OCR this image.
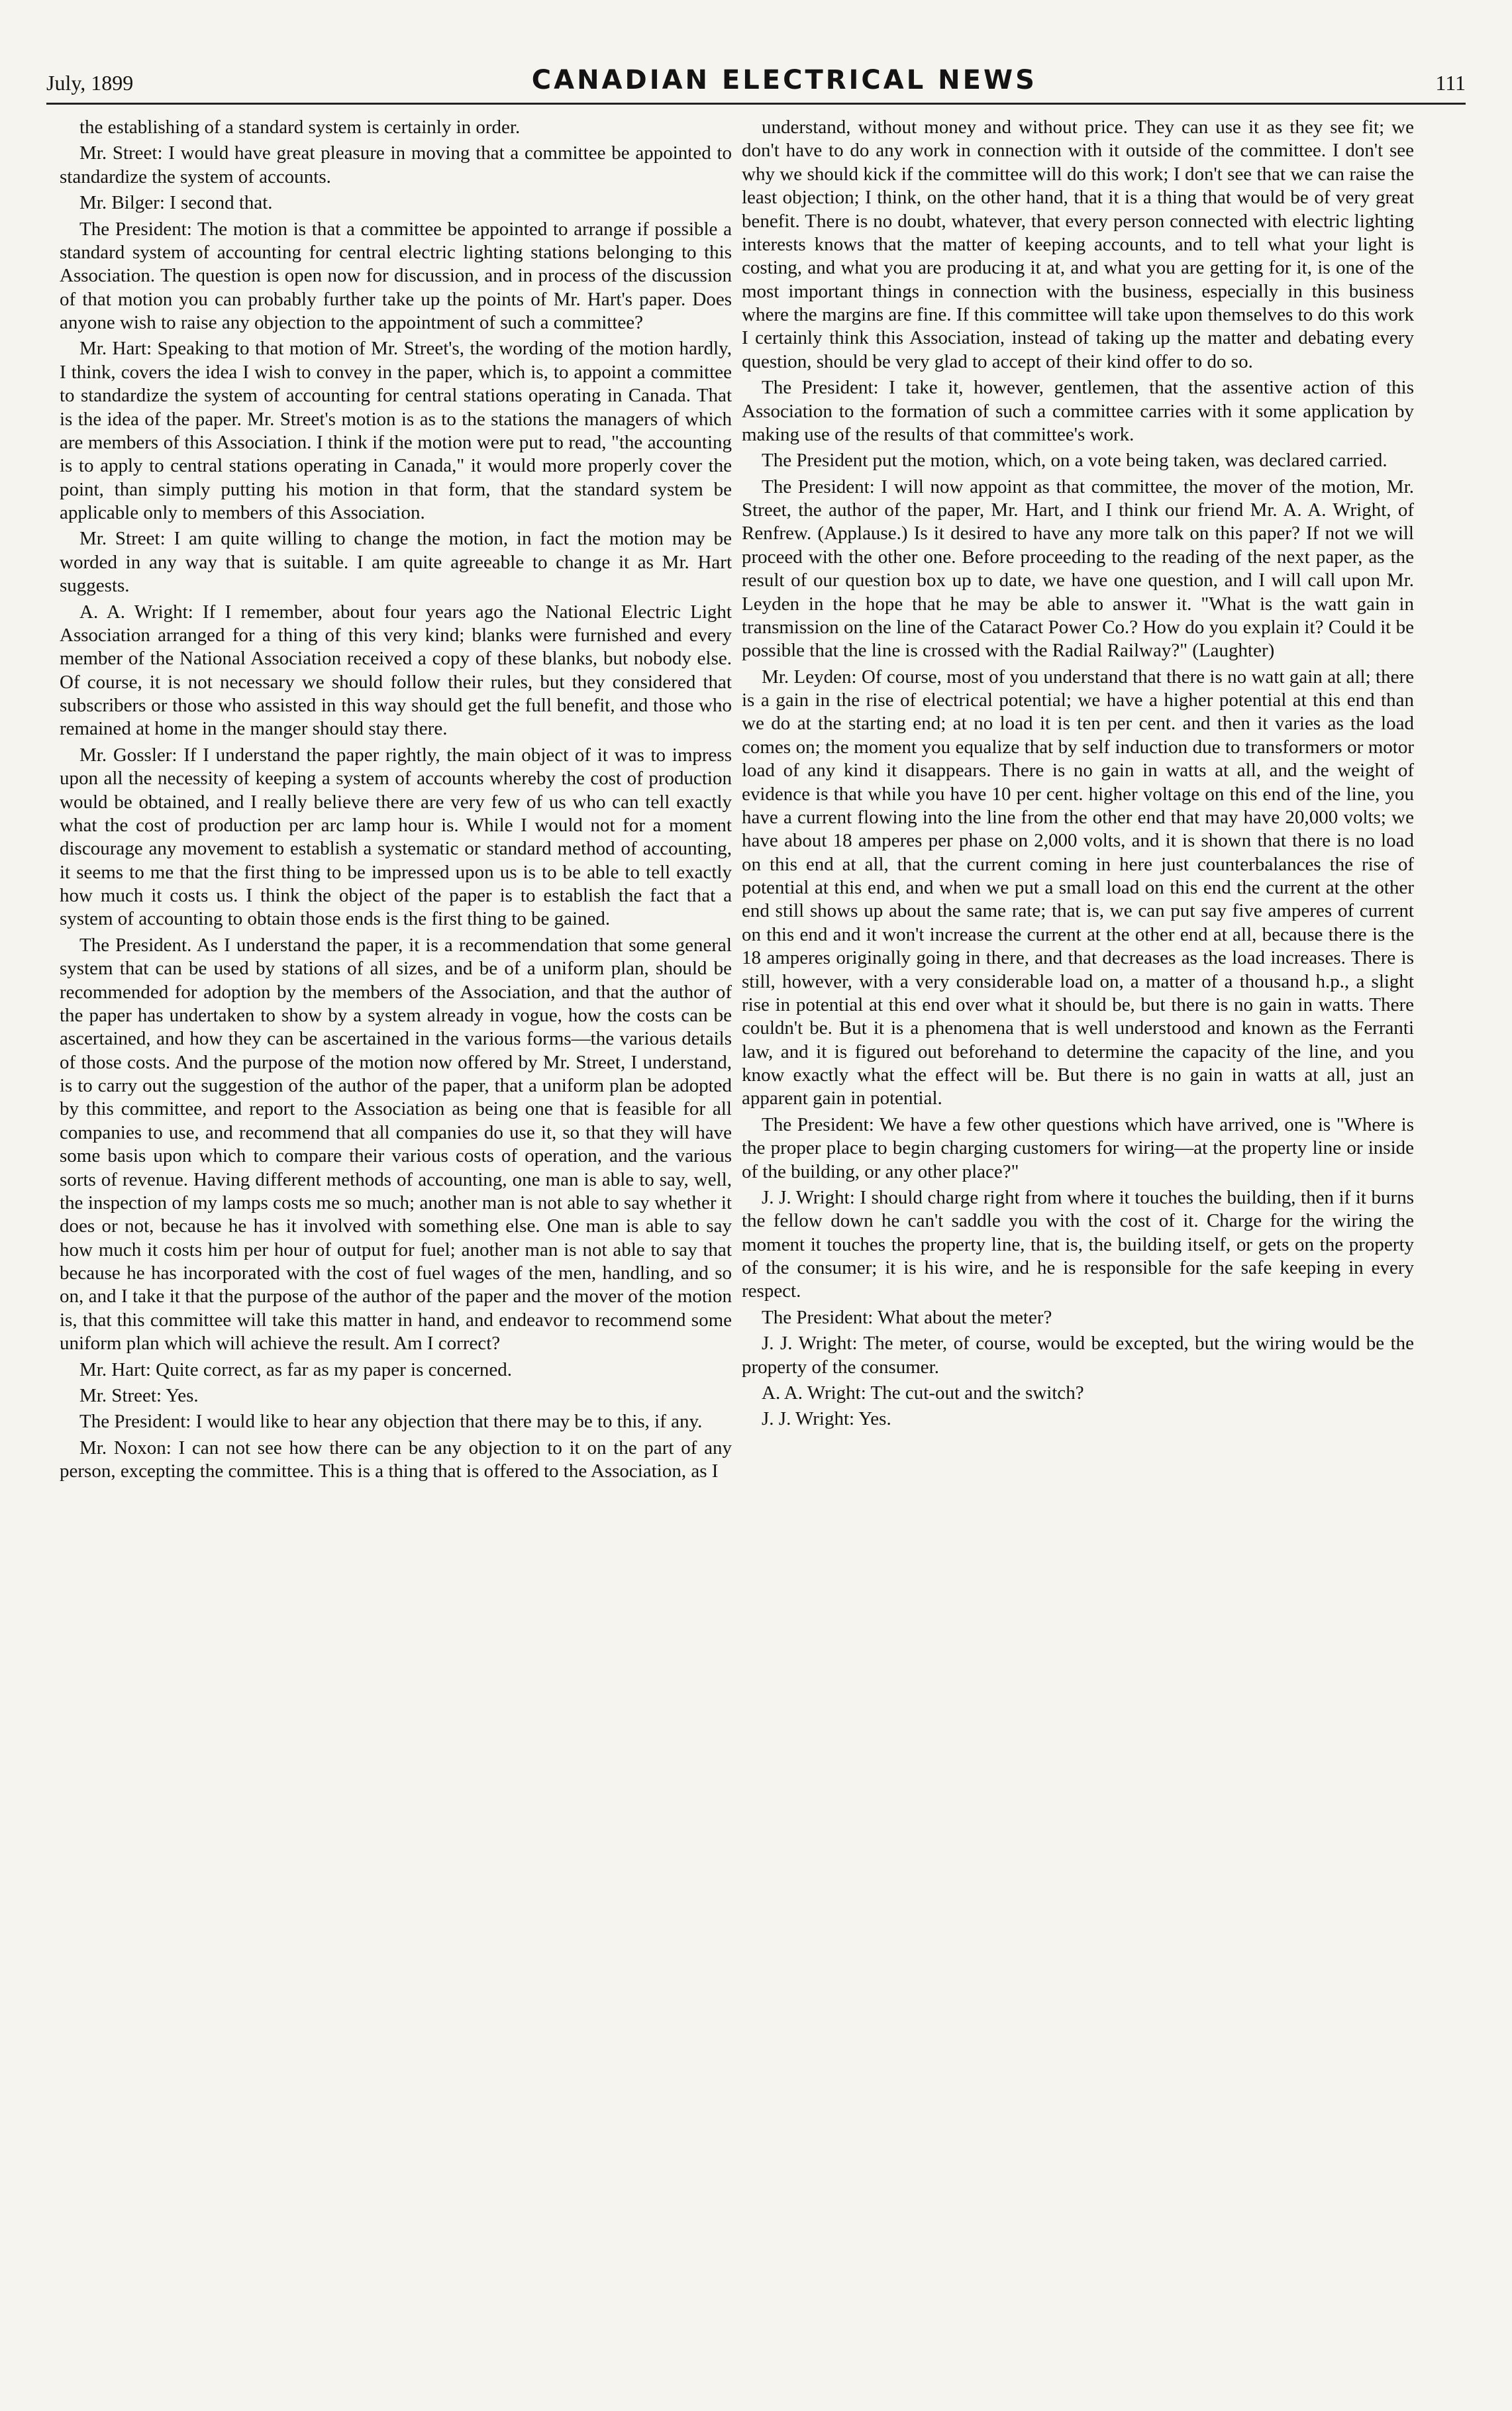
July, 1899	CANADIAN ELECTRICAL NEWS	111

the establishing of a standard system is certainly in order.

Mr. Street: I would have great pleasure in moving that a committee be appointed to standardize the system of accounts.

Mr. Bilger: I second that.

The President: The motion is that a committee be appointed to arrange if possible a standard system of accounting for central electric lighting stations belonging to this Association. The question is open now for discussion, and in process of the discussion of that motion you can probably further take up the points of Mr. Hart's paper. Does anyone wish to raise any objection to the appointment of such a committee?

Mr. Hart: Speaking to that motion of Mr. Street's, the wording of the motion hardly, I think, covers the idea I wish to convey in the paper, which is, to appoint a committee to standardize the system of accounting for central stations operating in Canada. That is the idea of the paper. Mr. Street's motion is as to the stations the managers of which are members of this Association. I think if the motion were put to read, "the accounting is to apply to central stations operating in Canada," it would more properly cover the point, than simply putting his motion in that form, that the standard system be applicable only to members of this Association.

Mr. Street: I am quite willing to change the motion, in fact the motion may be worded in any way that is suitable. I am quite agreeable to change it as Mr. Hart suggests.

A. A. Wright: If I remember, about four years ago the National Electric Light Association arranged for a thing of this very kind; blanks were furnished and every member of the National Association received a copy of these blanks, but nobody else. Of course, it is not necessary we should follow their rules, but they considered that subscribers or those who assisted in this way should get the full benefit, and those who remained at home in the manger should stay there.

Mr. Gossler: If I understand the paper rightly, the main object of it was to impress upon all the necessity of keeping a system of accounts whereby the cost of production would be obtained, and I really believe there are very few of us who can tell exactly what the cost of production per arc lamp hour is. While I would not for a moment discourage any movement to establish a systematic or standard method of accounting, it seems to me that the first thing to be impressed upon us is to be able to tell exactly how much it costs us. I think the object of the paper is to establish the fact that a system of accounting to obtain those ends is the first thing to be gained.

The President. As I understand the paper, it is a recommendation that some general system that can be used by stations of all sizes, and be of a uniform plan, should be recommended for adoption by the members of the Association, and that the author of the paper has undertaken to show by a system already in vogue, how the costs can be ascertained, and how they can be ascertained in the various forms—the various details of those costs. And the purpose of the motion now offered by Mr. Street, I understand, is to carry out the suggestion of the author of the paper, that a uniform plan be adopted by this committee, and report to the Association as being one that is feasible for all companies to use, and recommend that all companies do use it, so that they will have some basis upon which to compare their various costs of operation, and the various sorts of revenue. Having different methods of accounting, one man is able to say, well, the inspection of my lamps costs me so much; another man is not able to say whether it does or not, because he has it involved with something else. One man is able to say how much it costs him per hour of output for fuel; another man is not able to say that because he has incorporated with the cost of fuel wages of the men, handling, and so on, and I take it that the purpose of the author of the paper and the mover of the motion is, that this committee will take this matter in hand, and endeavor to recommend some uniform plan which will achieve the result. Am I correct?

Mr. Hart: Quite correct, as far as my paper is concerned.

Mr. Street: Yes.

The President: I would like to hear any objection that there may be to this, if any.

Mr. Noxon: I can not see how there can be any objection to it on the part of any person, excepting the committee. This is a thing that is offered to the Association, as I

understand, without money and without price. They can use it as they see fit; we don't have to do any work in connection with it outside of the committee. I don't see why we should kick if the committee will do this work; I don't see that we can raise the least objection; I think, on the other hand, that it is a thing that would be of very great benefit. There is no doubt, whatever, that every person connected with electric lighting interests knows that the matter of keeping accounts, and to tell what your light is costing, and what you are producing it at, and what you are getting for it, is one of the most important things in connection with the business, especially in this business where the margins are fine. If this committee will take upon themselves to do this work I certainly think this Association, instead of taking up the matter and debating every question, should be very glad to accept of their kind offer to do so.

The President: I take it, however, gentlemen, that the assentive action of this Association to the formation of such a committee carries with it some application by making use of the results of that committee's work.

The President put the motion, which, on a vote being taken, was declared carried.

The President: I will now appoint as that committee, the mover of the motion, Mr. Street, the author of the paper, Mr. Hart, and I think our friend Mr. A. A. Wright, of Renfrew. (Applause.) Is it desired to have any more talk on this paper? If not we will proceed with the other one. Before proceeding to the reading of the next paper, as the result of our question box up to date, we have one question, and I will call upon Mr. Leyden in the hope that he may be able to answer it. "What is the watt gain in transmission on the line of the Cataract Power Co.? How do you explain it? Could it be possible that the line is crossed with the Radial Railway?" (Laughter)

Mr. Leyden: Of course, most of you understand that there is no watt gain at all; there is a gain in the rise of electrical potential; we have a higher potential at this end than we do at the starting end; at no load it is ten per cent. and then it varies as the load comes on; the moment you equalize that by self induction due to transformers or motor load of any kind it disappears. There is no gain in watts at all, and the weight of evidence is that while you have 10 per cent. higher voltage on this end of the line, you have a current flowing into the line from the other end that may have 20,000 volts; we have about 18 amperes per phase on 2,000 volts, and it is shown that there is no load on this end at all, that the current coming in here just counterbalances the rise of potential at this end, and when we put a small load on this end the current at the other end still shows up about the same rate; that is, we can put say five amperes of current on this end and it won't increase the current at the other end at all, because there is the 18 amperes originally going in there, and that decreases as the load increases. There is still, however, with a very considerable load on, a matter of a thousand h.p., a slight rise in potential at this end over what it should be, but there is no gain in watts. There couldn't be. But it is a phenomena that is well understood and known as the Ferranti law, and it is figured out beforehand to determine the capacity of the line, and you know exactly what the effect will be. But there is no gain in watts at all, just an apparent gain in potential.

The President: We have a few other questions which have arrived, one is "Where is the proper place to begin charging customers for wiring—at the property line or inside of the building, or any other place?"

J. J. Wright: I should charge right from where it touches the building, then if it burns the fellow down he can't saddle you with the cost of it. Charge for the wiring the moment it touches the property line, that is, the building itself, or gets on the property of the consumer; it is his wire, and he is responsible for the safe keeping in every respect.

The President: What about the meter?

J. J. Wright: The meter, of course, would be excepted, but the wiring would be the property of the consumer.

A. A. Wright: The cut-out and the switch?

J. J. Wright: Yes.
